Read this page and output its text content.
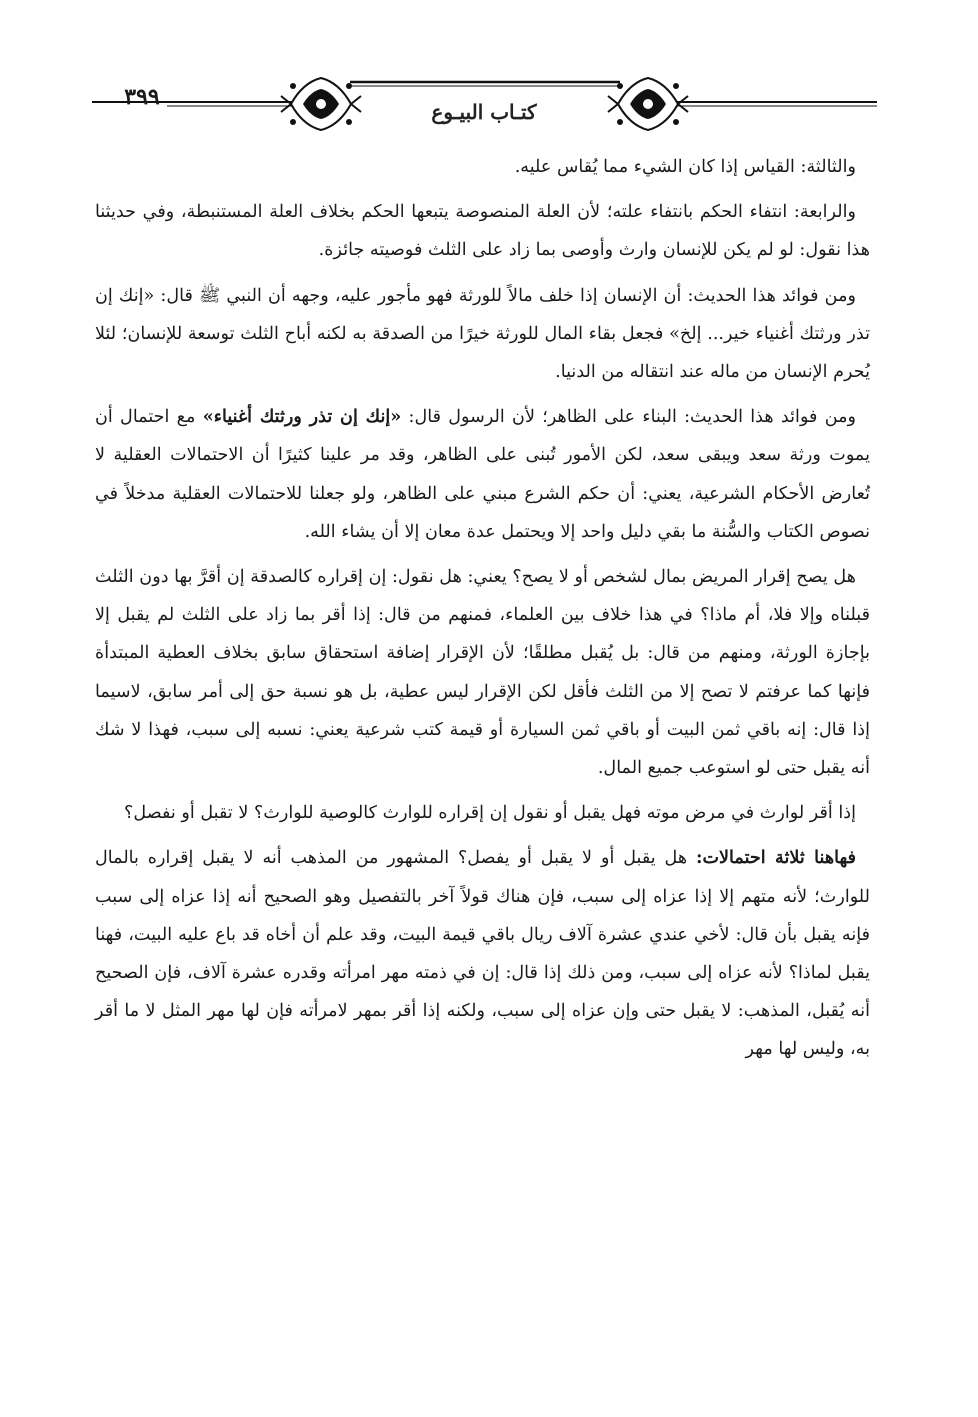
٣٩٩
كتـاب البيـوع

والثالثة: القياس إذا كان الشيء مما يُقاس عليه.

والرابعة: انتفاء الحكم بانتفاء علته؛ لأن العلة المنصوصة يتبعها الحكم بخلاف العلة المستنبطة، وفي حديثنا هذا نقول: لو لم يكن للإنسان وارث وأوصى بما زاد على الثلث فوصيته جائزة.

ومن فوائد هذا الحديث: أن الإنسان إذا خلف مالاً للورثة فهو مأجور عليه، وجهه أن النبي ﷺ قال: «إنك إن تذر ورثتك أغنياء خير... إلخ» فجعل بقاء المال للورثة خيرًا من الصدقة به لكنه أباح الثلث توسعة للإنسان؛ لئلا يُحرم الإنسان من ماله عند انتقاله من الدنيا.

ومن فوائد هذا الحديث: البناء على الظاهر؛ لأن الرسول قال: «إنك إن تذر ورثتك أغنياء» مع احتمال أن يموت ورثة سعد ويبقى سعد، لكن الأمور تُبنى على الظاهر، وقد مر علينا كثيرًا أن الاحتمالات العقلية لا تُعارض الأحكام الشرعية، يعني: أن حكم الشرع مبني على الظاهر، ولو جعلنا للاحتمالات العقلية مدخلاً في نصوص الكتاب والسُّنة ما بقي دليل واحد إلا ويحتمل عدة معان إلا أن يشاء الله.

هل يصح إقرار المريض بمال لشخص أو لا يصح؟ يعني: هل نقول: إن إقراره كالصدقة إن أقرَّ بها دون الثلث قبلناه وإلا فلا، أم ماذا؟ في هذا خلاف بين العلماء، فمنهم من قال: إذا أقر بما زاد على الثلث لم يقبل إلا بإجازة الورثة، ومنهم من قال: بل يُقبل مطلقًا؛ لأن الإقرار إضافة استحقاق سابق بخلاف العطية المبتدأة فإنها كما عرفتم لا تصح إلا من الثلث فأقل لكن الإقرار ليس عطية، بل هو نسبة حق إلى أمر سابق، لاسيما إذا قال: إنه باقي ثمن البيت أو باقي ثمن السيارة أو قيمة كتب شرعية يعني: نسبه إلى سبب، فهذا لا شك أنه يقبل حتى لو استوعب جميع المال.

إذا أقر لوارث في مرض موته فهل يقبل أو نقول إن إقراره للوارث كالوصية للوارث؟ لا تقبل أو نفصل؟

فهاهنا ثلاثة احتمالات: هل يقبل أو لا يقبل أو يفصل؟ المشهور من المذهب أنه لا يقبل إقراره بالمال للوارث؛ لأنه متهم إلا إذا عزاه إلى سبب، فإن هناك قولاً آخر بالتفصيل وهو الصحيح أنه إذا عزاه إلى سبب فإنه يقبل بأن قال: لأخي عندي عشرة آلاف ريال باقي قيمة البيت، وقد علم أن أخاه قد باع عليه البيت، فهنا يقبل لماذا؟ لأنه عزاه إلى سبب، ومن ذلك إذا قال: إن في ذمته مهر امرأته وقدره عشرة آلاف، فإن الصحيح أنه يُقبل، المذهب: لا يقبل حتى وإن عزاه إلى سبب، ولكنه إذا أقر بمهر لامرأته فإن لها مهر المثل لا ما أقر به، وليس لها مهر
